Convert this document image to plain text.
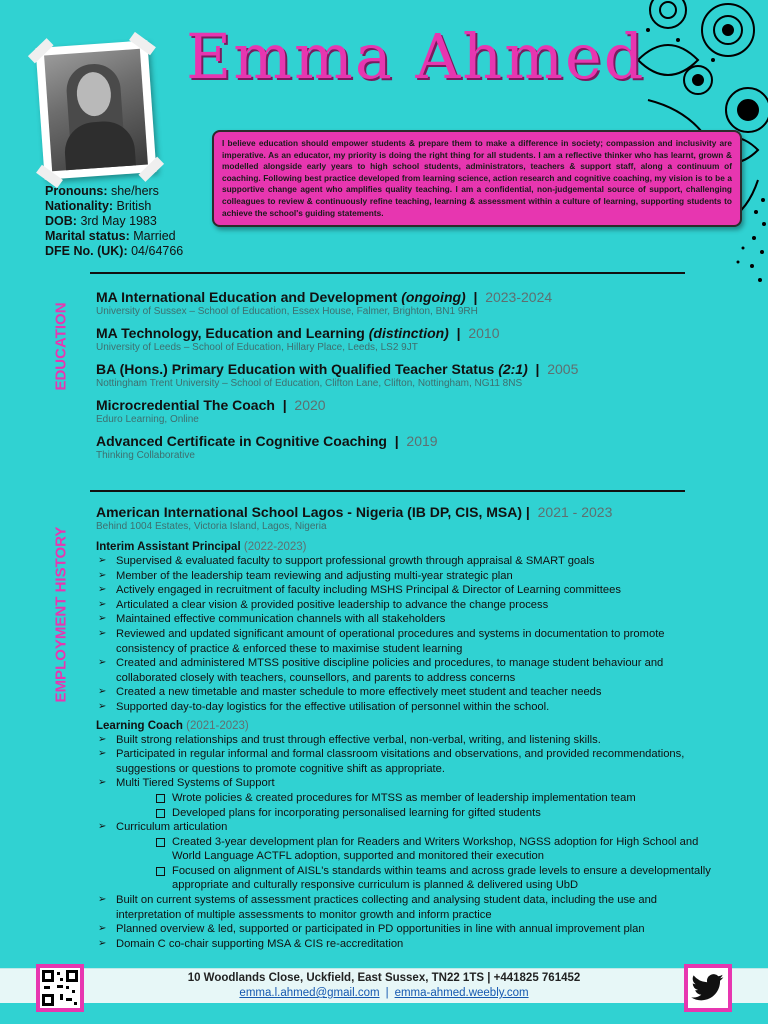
Emma Ahmed
Pronouns: she/hers
Nationality: British
DOB: 3rd May 1983
Marital status: Married
DFE No. (UK): 04/64766
I believe education should empower students & prepare them to make a difference in society; compassion and inclusivity are imperative. As an educator, my priority is doing the right thing for all students. I am a reflective thinker who has learnt, grown & modelled alongside early years to high school students, administrators, teachers & support staff, along a continuum of coaching. Following best practice developed from learning science, action research and cognitive coaching, my vision is to be a supportive change agent who amplifies quality teaching. I am a confidential, non-judgemental source of support, challenging colleagues to review & continuously refine teaching, learning & assessment within a culture of learning, supporting students to achieve the school's guiding statements.
EDUCATION
MA International Education and Development (ongoing)  |  2023-2024
University of Sussex – School of Education, Essex House, Falmer, Brighton, BN1 9RH
MA Technology, Education and Learning (distinction)  |  2010
University of Leeds – School of Education, Hillary Place, Leeds, LS2 9JT
BA (Hons.) Primary Education with Qualified Teacher Status (2:1)  |  2005
Nottingham Trent University – School of Education, Clifton Lane, Clifton, Nottingham, NG11 8NS
Microcredential The Coach  |  2020
Eduro Learning, Online
Advanced Certificate in Cognitive Coaching  |  2019
Thinking Collaborative
EMPLOYMENT HISTORY
American International School Lagos - Nigeria (IB DP, CIS, MSA) |  2021 - 2023
Behind 1004 Estates, Victoria Island, Lagos, Nigeria
Interim Assistant Principal (2022-2023)
➢ Supervised & evaluated faculty to support professional growth through appraisal & SMART goals
➢ Member of the leadership team reviewing and adjusting multi-year strategic plan
➢ Actively engaged in recruitment of faculty including MSHS Principal & Director of Learning committees
➢ Articulated a clear vision & provided positive leadership to advance the change process
➢ Maintained effective communication channels with all stakeholders
➢ Reviewed and updated significant amount of operational procedures and systems in documentation to promote consistency of practice & enforced these to maximise student learning
➢ Created and administered MTSS positive discipline policies and procedures, to manage student behaviour and collaborated closely with teachers, counsellors, and parents to address concerns
➢ Created a new timetable and master schedule to more effectively meet student and teacher needs
➢ Supported day-to-day logistics for the effective utilisation of personnel within the school.
Learning Coach (2021-2023)
➢ Built strong relationships and trust through effective verbal, non-verbal, writing, and listening skills.
➢ Participated in regular informal and formal classroom visitations and observations, and provided recommendations, suggestions or questions to promote cognitive shift as appropriate.
➢ Multi Tiered Systems of Support
Wrote policies & created procedures for MTSS as member of leadership implementation team
Developed plans for incorporating personalised learning for gifted students
➢ Curriculum articulation
Created 3-year development plan for Readers and Writers Workshop, NGSS adoption for High School and World Language ACTFL adoption, supported and monitored their execution
Focused on alignment of AISL's standards within teams and across grade levels to ensure a developmentally appropriate and culturally responsive curriculum is planned & delivered using UbD
➢ Built on current systems of assessment practices collecting and analysing student data, including the use and interpretation of multiple assessments to monitor growth and inform practice
➢ Planned overview & led, supported or participated in PD opportunities in line with annual improvement plan
➢ Domain C co-chair supporting MSA & CIS re-accreditation
10 Woodlands Close, Uckfield, East Sussex, TN22 1TS | +441825 761452
emma.l.ahmed@gmail.com | emma-ahmed.weebly.com
